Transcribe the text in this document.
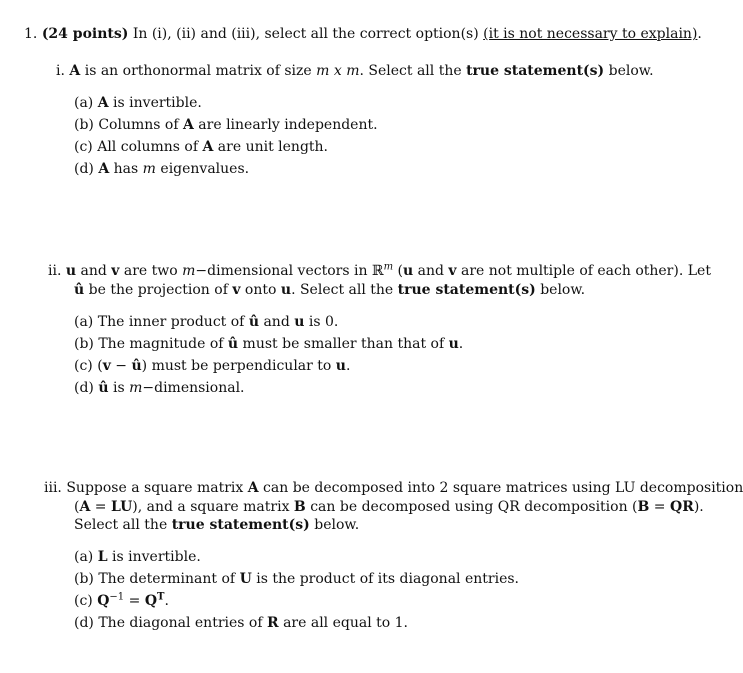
1. (24 points) In (i), (ii) and (iii), select all the correct option(s) (it is not necessary to explain).
i. A is an orthonormal matrix of size m x m. Select all the true statement(s) below.
(a) A is invertible.
(b) Columns of A are linearly independent.
(c) All columns of A are unit length.
(d) A has m eigenvalues.
ii. u and v are two m−dimensional vectors in ℝ$^m$ (u and v are not multiple of each other). Let
û be the projection of v onto u. Select all the true statement(s) below.
(a) The inner product of û and u is 0.
(b) The magnitude of û must be smaller than that of u.
(c) (v − û) must be perpendicular to u.
(d) û is m−dimensional.
iii. Suppose a square matrix A can be decomposed into 2 square matrices using LU decomposition
(A = LU), and a square matrix B can be decomposed using QR decomposition (B = QR).
Select all the true statement(s) below.
(a) L is invertible.
(b) The determinant of U is the product of its diagonal entries.
(c) $Q^{-1} = Q^T$.
(d) The diagonal entries of R are all equal to 1.
